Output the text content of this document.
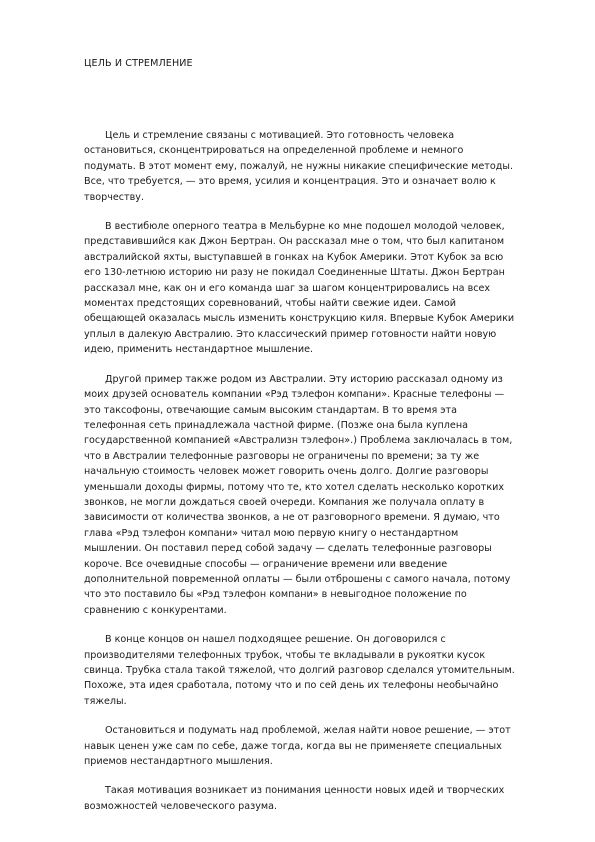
ЦЕЛЬ И СТРЕМЛЕНИЕ

Цель и стремление связаны с мотивацией. Это готовность человека остановиться, сконцентрироваться на определенной проблеме и немного подумать. В этот момент ему, пожалуй, не нужны никакие специфические методы. Все, что требуется, — это время, усилия и концентрация. Это и означает волю к творчеству.

В вестибюле оперного театра в Мельбурне ко мне подошел молодой человек, представившийся как Джон Бертран. Он рассказал мне о том, что был капитаном австралийской яхты, выступавшей в гонках на Кубок Америки. Этот Кубок за всю его 130-летнюю историю ни разу не покидал Соединенные Штаты. Джон Бертран рассказал мне, как он и его команда шаг за шагом концентрировались на всех моментах предстоящих соревнований, чтобы найти свежие идеи. Самой обещающей оказалась мысль изменить конструкцию киля. Впервые Кубок Америки уплыл в далекую Австралию. Это классический пример готовности найти новую идею, применить нестандартное мышление.

Другой пример также родом из Австралии. Эту историю рассказал одному из моих друзей основатель компании «Рэд тэлефон компани». Красные телефоны — это таксофоны, отвечающие самым высоким стандартам. В то время эта телефонная сеть принадлежала частной фирме. (Позже она была куплена государственной компанией «Австрализн тэлефон».) Проблема заключалась в том, что в Австралии телефонные разговоры не ограничены по времени; за ту же начальную стоимость человек может говорить очень долго. Долгие разговоры уменьшали доходы фирмы, потому что те, кто хотел сделать несколько коротких звонков, не могли дождаться своей очереди. Компания же получала оплату в зависимости от количества звонков, а не от разговорного времени. Я думаю, что глава «Рэд тэлефон компани» читал мою первую книгу о нестандартном мышлении. Он поставил перед собой задачу — сделать телефонные разговоры короче. Все очевидные способы — ограничение времени или введение дополнительной повременной оплаты — были отброшены с самого начала, потому что это поставило бы «Рэд тэлефон компани» в невыгодное положение по сравнению с конкурентами.

В конце концов он нашел подходящее решение. Он договорился с производителями телефонных трубок, чтобы те вкладывали в рукоятки кусок свинца. Трубка стала такой тяжелой, что долгий разговор сделался утомительным. Похоже, эта идея сработала, потому что и по сей день их телефоны необычайно тяжелы.

Остановиться и подумать над проблемой, желая найти новое решение, — этот навык ценен уже сам по себе, даже тогда, когда вы не применяете специальных приемов нестандартного мышления.

Такая мотивация возникает из понимания ценности новых идей и творческих возможностей человеческого разума.
